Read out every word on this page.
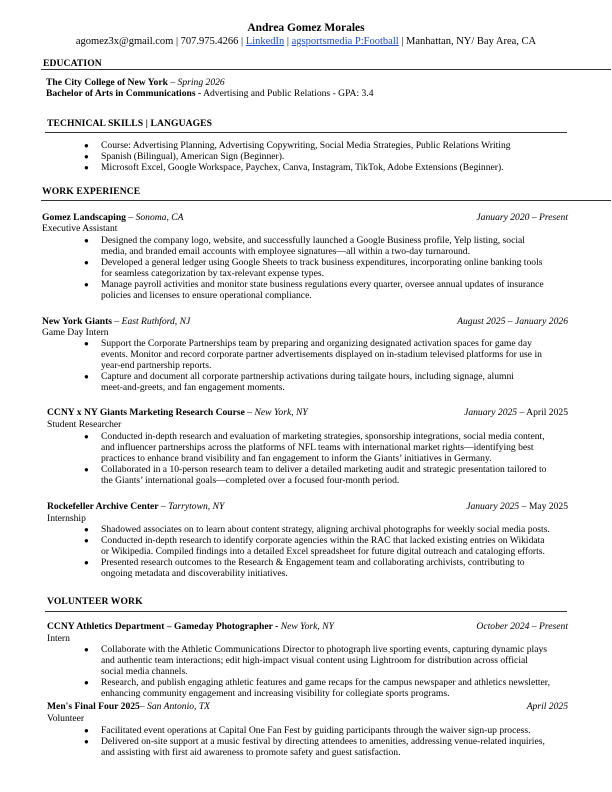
Andrea Gomez Morales
agomez3x@gmail.com | 707.975.4266 | LinkedIn | agsportsmedia P:Football | Manhattan, NY/ Bay Area, CA
EDUCATION
The City College of New York – Spring 2026
Bachelor of Arts in Communications - Advertising and Public Relations - GPA: 3.4
TECHNICAL SKILLS | LANGUAGES
● Course: Advertising Planning, Advertising Copywriting, Social Media Strategies, Public Relations Writing
● Spanish (Bilingual), American Sign (Beginner).
● Microsoft Excel, Google Workspace, Paychex, Canva, Instagram, TikTok, Adobe Extensions (Beginner).
WORK EXPERIENCE
Gomez Landscaping – Sonoma, CA	January 2020 – Present
Executive Assistant
● Designed the company logo, website, and successfully launched a Google Business profile, Yelp listing, social
media, and branded email accounts with employee signatures—all within a two-day turnaround.
● Developed a general ledger using Google Sheets to track business expenditures, incorporating online banking tools
for seamless categorization by tax-relevant expense types.
● Manage payroll activities and monitor state business regulations every quarter, oversee annual updates of insurance
policies and licenses to ensure operational compliance.
New York Giants – East Ruthford, NJ	August 2025 – January 2026
Game Day Intern
● Support the Corporate Partnerships team by preparing and organizing designated activation spaces for game day
events. Monitor and record corporate partner advertisements displayed on in-stadium televised platforms for use in
year-end partnership reports.
● Capture and document all corporate partnership activations during tailgate hours, including signage, alumni
meet-and-greets, and fan engagement moments.
CCNY x NY Giants Marketing Research Course – New York, NY	January 2025 – April 2025
Student Researcher
● Conducted in-depth research and evaluation of marketing strategies, sponsorship integrations, social media content,
and influencer partnerships across the platforms of NFL teams with international market rights—identifying best
practices to enhance brand visibility and fan engagement to inform the Giants’ initiatives in Germany.
● Collaborated in a 10-person research team to deliver a detailed marketing audit and strategic presentation tailored to
the Giants’ international goals—completed over a focused four-month period.
Rockefeller Archive Center – Tarrytown, NY	January 2025 – May 2025
Internship
● Shadowed associates on to learn about content strategy, aligning archival photographs for weekly social media posts.
● Conducted in-depth research to identify corporate agencies within the RAC that lacked existing entries on Wikidata
or Wikipedia. Compiled findings into a detailed Excel spreadsheet for future digital outreach and cataloging efforts.
● Presented research outcomes to the Research & Engagement team and collaborating archivists, contributing to
ongoing metadata and discoverability initiatives.
VOLUNTEER WORK
CCNY Athletics Department – Gameday Photographer - New York, NY	October 2024 – Present
Intern
● Collaborate with the Athletic Communications Director to photograph live sporting events, capturing dynamic plays
and authentic team interactions; edit high-impact visual content using Lightroom for distribution across official
social media channels.
● Research, and publish engaging athletic features and game recaps for the campus newspaper and athletics newsletter,
enhancing community engagement and increasing visibility for collegiate sports programs.
Men's Final Four 2025– San Antonio, TX	April 2025
Volunteer
● Facilitated event operations at Capital One Fan Fest by guiding participants through the waiver sign-up process.
● Delivered on-site support at a music festival by directing attendees to amenities, addressing venue-related inquiries,
and assisting with first aid awareness to promote safety and guest satisfaction.
